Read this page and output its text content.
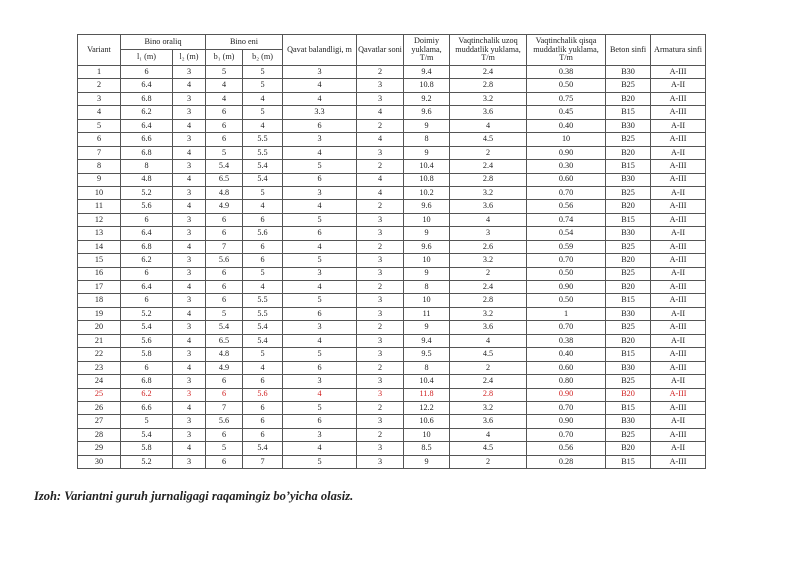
Variant	Bino oraliq		Bino eni		Qavat balandligi, m	Qavatlar soni	Doimiy yuklama, T/m	Vaqtinchalik uzoq muddatlik yuklama, T/m	Vaqtinchalik qisqa muddatlik yuklama, T/m	Beton sinfi	Armatura sinfi
	l₁ (m)	l₂ (m)	b₁ (m)	b₂ (m)							
1	6	3	5	5	3	2	9.4	2.4	0.38	B30	A-III
2	6.4	4	4	5	4	3	10.8	2.8	0.50	B25	A-II
3	6.8	3	4	4	4	3	9.2	3.2	0.75	B20	A-III
4	6.2	3	6	5	3.3	4	9.6	3.6	0.45	B15	A-III
5	6.4	4	6	4	6	2	9	4	0.40	B30	A-II
6	6.6	3	6	5.5	3	4	8	4.5	10	B25	A-III
7	6.8	4	5	5.5	4	3	9	2	0.90	B20	A-II
8	8	3	5.4	5.4	5	2	10.4	2.4	0.30	B15	A-III
9	4.8	4	6.5	5.4	6	4	10.8	2.8	0.60	B30	A-III
10	5.2	3	4.8	5	3	4	10.2	3.2	0.70	B25	A-II
11	5.6	4	4.9	4	4	2	9.6	3.6	0.56	B20	A-III
12	6	3	6	6	5	3	10	4	0.74	B15	A-III
13	6.4	3	6	5.6	6	3	9	3	0.54	B30	A-II
14	6.8	4	7	6	4	2	9.6	2.6	0.59	B25	A-III
15	6.2	3	5.6	6	5	3	10	3.2	0.70	B20	A-III
16	6	3	6	5	3	3	9	2	0.50	B25	A-II
17	6.4	4	6	4	4	2	8	2.4	0.90	B20	A-III
18	6	3	6	5.5	5	3	10	2.8	0.50	B15	A-III
19	5.2	4	5	5.5	6	3	11	3.2	1	B30	A-II
20	5.4	3	5.4	5.4	3	2	9	3.6	0.70	B25	A-III
21	5.6	4	6.5	5.4	4	3	9.4	4	0.38	B20	A-II
22	5.8	3	4.8	5	5	3	9.5	4.5	0.40	B15	A-III
23	6	4	4.9	4	6	2	8	2	0.60	B30	A-III
24	6.8	3	6	6	3	3	10.4	2.4	0.80	B25	A-II
25	6.2	3	6	5.6	4	3	11.8	2.8	0.90	B20	A-III
26	6.6	4	7	6	5	2	12.2	3.2	0.70	B15	A-III
27	5	3	5.6	6	6	3	10.6	3.6	0.90	B30	A-II
28	5.4	3	6	6	3	2	10	4	0.70	B25	A-III
29	5.8	4	5	5.4	4	3	8.5	4.5	0.56	B20	A-II
30	5.2	3	6	7	5	3	9	2	0.28	B15	A-III
Izoh: Variantni guruh jurnaligagi raqamingiz bo’yicha olasiz.
